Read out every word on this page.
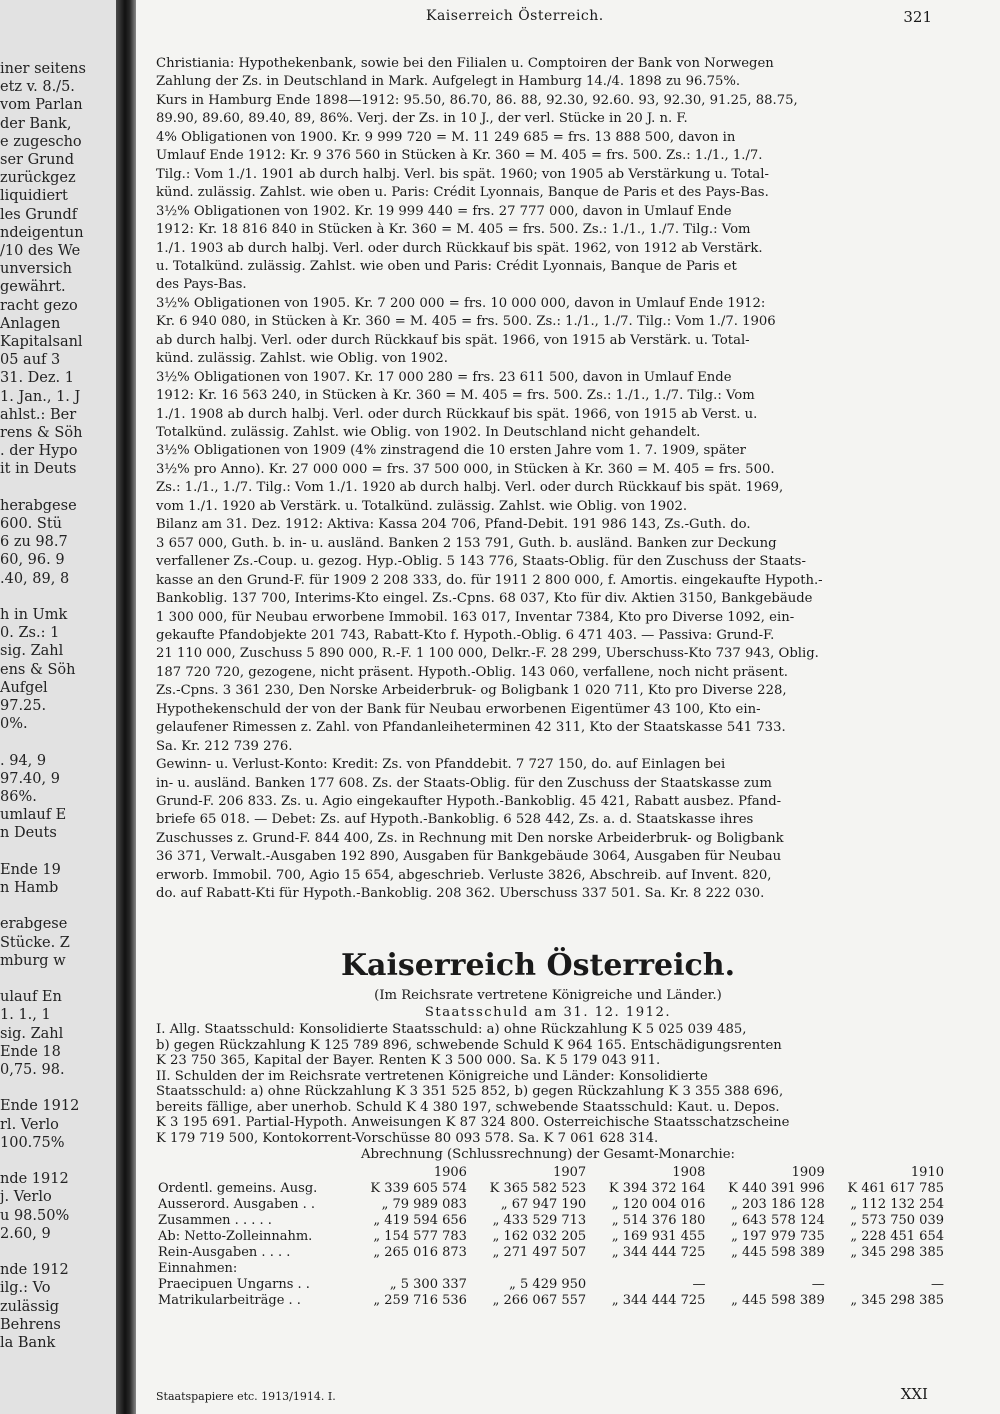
iner seitens
etz v. 8./5.
vom Parlan
der Bank,
e zugescho
ser Grund
zurückgez
liquidiert
les Grundf
ndeigentun
/10 des We
unversich
gewährt.
racht gezo
Anlagen
Kapitalsanl
05 auf 3
31. Dez. 1
1. Jan., 1. J
ahlst.: Ber
rens & Söh
. der Hypo
it in Deuts
herabgese
600. Stü
6 zu 98.7
60, 96. 9
.40, 89, 8
h in Umk
0. Zs.: 1
sig. Zahl
ens & Söh
Aufgel
97.25.
0%.
. 94, 9
97.40, 9
86%.
umlauf E
n Deuts
Ende 19
n Hamb
erabgese
Stücke. Z
mburg w
ulauf En
1. 1., 1
sig. Zahl
Ende 18
0,75. 98.
Ende 1912
rl. Verlo
100.75%
nde 1912
j. Verlo
u 98.50%
2.60, 9
nde 1912
ilg.: Vo
zulässig
Behrens
la Bank
Kaiserreich Österreich.	321
Christiania: Hypothekenbank, sowie bei den Filialen u. Comptoiren der Bank von Norwegen
Zahlung der Zs. in Deutschland in Mark. Aufgelegt in Hamburg 14./4. 1898 zu 96.75%.
Kurs in Hamburg Ende 1898—1912: 95.50, 86.70, 86. 88, 92.30, 92.60. 93, 92.30, 91.25, 88.75,
89.90, 89.60, 89.40, 89, 86%. Verj. der Zs. in 10 J., der verl. Stücke in 20 J. n. F.
4% Obligationen von 1900. Kr. 9 999 720 = M. 11 249 685 = frs. 13 888 500, davon in
Umlauf Ende 1912: Kr. 9 376 560 in Stücken à Kr. 360 = M. 405 = frs. 500. Zs.: 1./1., 1./7.
Tilg.: Vom 1./1. 1901 ab durch halbj. Verl. bis spät. 1960; von 1905 ab Verstärkung u. Total-
künd. zulässig. Zahlst. wie oben u. Paris: Crédit Lyonnais, Banque de Paris et des Pays-Bas.
3½% Obligationen von 1902. Kr. 19 999 440 = frs. 27 777 000, davon in Umlauf Ende
1912: Kr. 18 816 840 in Stücken à Kr. 360 = M. 405 = frs. 500. Zs.: 1./1., 1./7. Tilg.: Vom
1./1. 1903 ab durch halbj. Verl. oder durch Rückkauf bis spät. 1962, von 1912 ab Verstärk.
u. Totalkünd. zulässig. Zahlst. wie oben und Paris: Crédit Lyonnais, Banque de Paris et
des Pays-Bas.
3½% Obligationen von 1905. Kr. 7 200 000 = frs. 10 000 000, davon in Umlauf Ende 1912:
Kr. 6 940 080, in Stücken à Kr. 360 = M. 405 = frs. 500. Zs.: 1./1., 1./7. Tilg.: Vom 1./7. 1906
ab durch halbj. Verl. oder durch Rückkauf bis spät. 1966, von 1915 ab Verstärk. u. Total-
künd. zulässig. Zahlst. wie Oblig. von 1902.
3½% Obligationen von 1907. Kr. 17 000 280 = frs. 23 611 500, davon in Umlauf Ende
1912: Kr. 16 563 240, in Stücken à Kr. 360 = M. 405 = frs. 500. Zs.: 1./1., 1./7. Tilg.: Vom
1./1. 1908 ab durch halbj. Verl. oder durch Rückkauf bis spät. 1966, von 1915 ab Verst. u.
Totalkünd. zulässig. Zahlst. wie Oblig. von 1902. In Deutschland nicht gehandelt.
3½% Obligationen von 1909 (4% zinstragend die 10 ersten Jahre vom 1. 7. 1909, später
3½% pro Anno). Kr. 27 000 000 = frs. 37 500 000, in Stücken à Kr. 360 = M. 405 = frs. 500.
Zs.: 1./1., 1./7. Tilg.: Vom 1./1. 1920 ab durch halbj. Verl. oder durch Rückkauf bis spät. 1969,
vom 1./1. 1920 ab Verstärk. u. Totalkünd. zulässig. Zahlst. wie Oblig. von 1902.
Bilanz am 31. Dez. 1912: Aktiva: Kassa 204 706, Pfand-Debit. 191 986 143, Zs.-Guth. do.
3 657 000, Guth. b. in- u. ausländ. Banken 2 153 791, Guth. b. ausländ. Banken zur Deckung
verfallener Zs.-Coup. u. gezog. Hyp.-Oblig. 5 143 776, Staats-Oblig. für den Zuschuss der Staats-
kasse an den Grund-F. für 1909 2 208 333, do. für 1911 2 800 000, f. Amortis. eingekaufte Hypoth.-
Bankoblig. 137 700, Interims-Kto eingel. Zs.-Cpns. 68 037, Kto für div. Aktien 3150, Bankgebäude
1 300 000, für Neubau erworbene Immobil. 163 017, Inventar 7384, Kto pro Diverse 1092, ein-
gekaufte Pfandobjekte 201 743, Rabatt-Kto f. Hypoth.-Oblig. 6 471 403. — Passiva: Grund-F.
21 110 000, Zuschuss 5 890 000, R.-F. 1 100 000, Delkr.-F. 28 299, Überschuss-Kto 737 943, Oblig.
187 720 720, gezogene, nicht präsent. Hypoth.-Oblig. 143 060, verfallene, noch nicht präsent.
Zs.-Cpns. 3 361 230, Den Norske Arbeiderbruk- og Boligbank 1 020 711, Kto pro Diverse 228,
Hypothekenschuld der von der Bank für Neubau erworbenen Eigentümer 43 100, Kto ein-
gelaufener Rimessen z. Zahl. von Pfandanleiheterminen 42 311, Kto der Staatskasse 541 733.
Sa. Kr. 212 739 276.
Gewinn- u. Verlust-Konto: Kredit: Zs. von Pfanddebit. 7 727 150, do. auf Einlagen bei
in- u. ausländ. Banken 177 608. Zs. der Staats-Oblig. für den Zuschuss der Staatskasse zum
Grund-F. 206 833. Zs. u. Agio eingekaufter Hypoth.-Bankoblig. 45 421, Rabatt ausbez. Pfand-
briefe 65 018. — Debet: Zs. auf Hypoth.-Bankoblig. 6 528 442, Zs. a. d. Staatskasse ihres
Zuschusses z. Grund-F. 844 400, Zs. in Rechnung mit Den norske Arbeiderbruk- og Boligbank
36 371, Verwalt.-Ausgaben 192 890, Ausgaben für Bankgebäude 3064, Ausgaben für Neubau
erworb. Immobil. 700, Agio 15 654, abgeschrieb. Verluste 3826, Abschreib. auf Invent. 820,
do. auf Rabatt-Kti für Hypoth.-Bankoblig. 208 362. Überschuss 337 501. Sa. Kr. 8 222 030.
Kaiserreich Österreich.
(Im Reichsrate vertretene Königreiche und Länder.)
Staatsschuld am 31. 12. 1912.
I. Allg. Staatsschuld: Konsolidierte Staatsschuld: a) ohne Rückzahlung K 5 025 039 485,
b) gegen Rückzahlung K 125 789 896, schwebende Schuld K 964 165. Entschädigungsrenten
K 23 750 365, Kapital der Bayer. Renten K 3 500 000. Sa. K 5 179 043 911.
II. Schulden der im Reichsrate vertretenen Königreiche und Länder: Konsolidierte
Staatsschuld: a) ohne Rückzahlung K 3 351 525 852, b) gegen Rückzahlung K 3 355 388 696,
bereits fällige, aber unerhob. Schuld K 4 380 197, schwebende Staatsschuld: Kaut. u. Depos.
K 3 195 691. Partial-Hypoth. Anweisungen K 87 324 800. Österreichische Staatsschatzscheine
K 179 719 500, Kontokorrent-Vorschüsse 80 093 578. Sa. K 7 061 628 314.
Abrechnung (Schlussrechnung) der Gesamt-Monarchie:
	1906	1907	1908	1909	1910
Ordentl. gemeins. Ausg.	K 339 605 574	K 365 582 523	K 394 372 164	K 440 391 996	K 461 617 785
Ausserord. Ausgaben . .	„ 79 989 083	„ 67 947 190	„ 120 004 016	„ 203 186 128	„ 112 132 254
Zusammen . . . . .	„ 419 594 656	„ 433 529 713	„ 514 376 180	„ 643 578 124	„ 573 750 039
Ab: Netto-Zolleinnahm.	„ 154 577 783	„ 162 032 205	„ 169 931 455	„ 197 979 735	„ 228 451 654
Rein-Ausgaben . . . .	„ 265 016 873	„ 271 497 507	„ 344 444 725	„ 445 598 389	„ 345 298 385
Einnahmen:					
Praecipuen Ungarns . .	„ 5 300 337	„ 5 429 950	—	—	—
Matrikularbeiträge . .	„ 259 716 536	„ 266 067 557	„ 344 444 725	„ 445 598 389	„ 345 298 385
Staatspapiere etc. 1913/1914. I.	XXI
